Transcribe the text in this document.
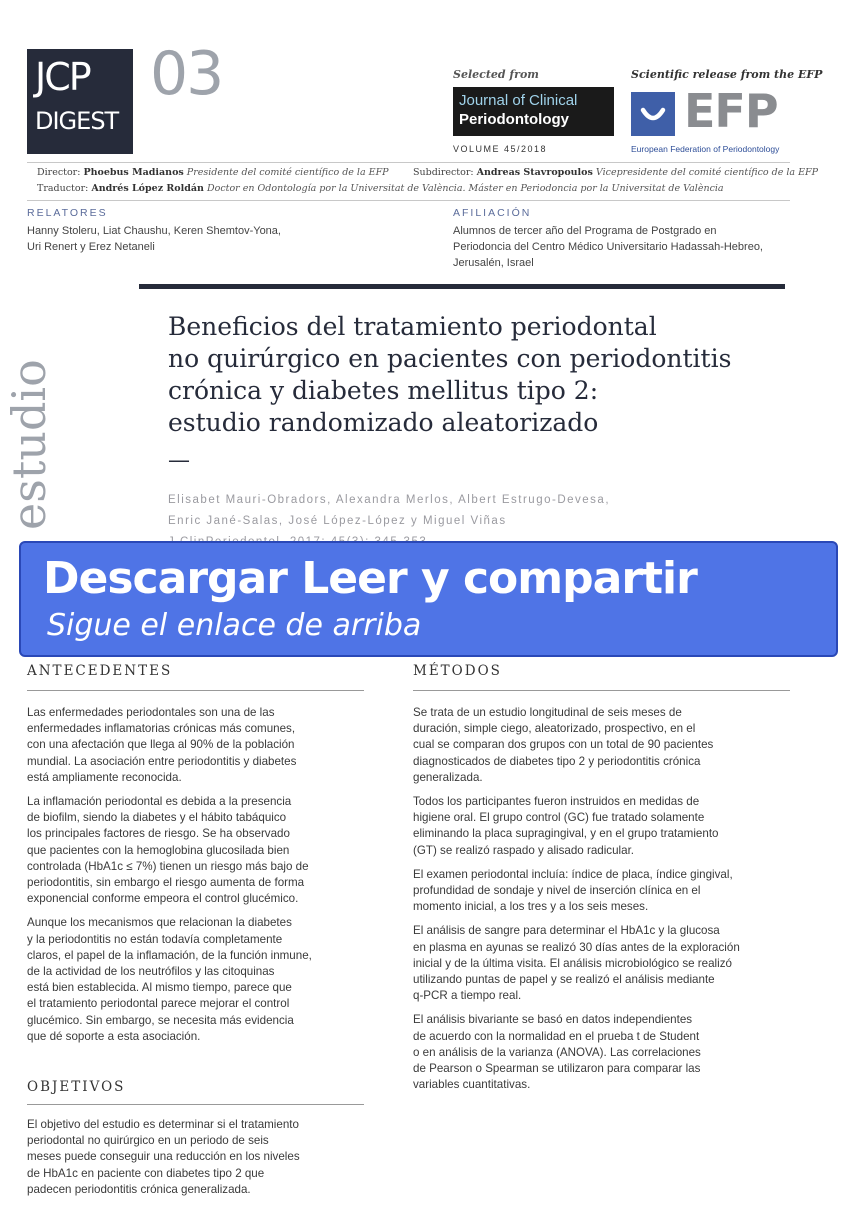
JCP
DIGEST
03	Selected from
Journal of Clinical
Periodontology
VOLUME 45/2018
Scientific release from the EFP
EFP
European Federation of Periodontology
Director: Phoebus Madianos Presidente del comité científico de la EFP	Subdirector: Andreas Stavropoulos Vicepresidente del comité científico de la EFP
Traductor: Andrés López Roldán Doctor en Odontología por la Universitat de València. Máster en Periodoncia por la Universitat de València
RELATORES
Hanny Stoleru, Liat Chaushu, Keren Shemtov-Yona,
Uri Renert y Erez Netaneli
AFILIACIÓN
Alumnos de tercer año del Programa de Postgrado en
Periodoncia del Centro Médico Universitario Hadassah-Hebreo,
Jerusalén, Israel
estudio
Beneficios del tratamiento periodontal
no quirúrgico en pacientes con periodontitis
crónica y diabetes mellitus tipo 2:
estudio randomizado aleatorizado
—
Elisabet Mauri-Obradors, Alexandra Merlos, Albert Estrugo-Devesa,
Enric Jané-Salas, José López-López y Miguel Viñas
Descargar Leer y compartir
Sigue el enlace de arriba
ANTECEDENTES
Las enfermedades periodontales son una de las
enfermedades inflamatorias crónicas más comunes,
con una afectación que llega al 90% de la población
mundial. La asociación entre periodontitis y diabetes
está ampliamente reconocida.
La inflamación periodontal es debida a la presencia
de biofilm, siendo la diabetes y el hábito tabáquico
los principales factores de riesgo. Se ha observado
que pacientes con la hemoglobina glucosilada bien
controlada (HbA1c ≤ 7%) tienen un riesgo más bajo de
periodontitis, sin embargo el riesgo aumenta de forma
exponencial conforme empeora el control glucémico.
Aunque los mecanismos que relacionan la diabetes
y la periodontitis no están todavía completamente
claros, el papel de la inflamación, de la función inmune,
de la actividad de los neutrófilos y las citoquinas
está bien establecida. Al mismo tiempo, parece que
el tratamiento periodontal parece mejorar el control
glucémico. Sin embargo, se necesita más evidencia
que dé soporte a esta asociación.
OBJETIVOS
El objetivo del estudio es determinar si el tratamiento
periodontal no quirúrgico en un periodo de seis
meses puede conseguir una reducción en los niveles
de HbA1c en paciente con diabetes tipo 2 que
padecen periodontitis crónica generalizada.
MÉTODOS
Se trata de un estudio longitudinal de seis meses de
duración, simple ciego, aleatorizado, prospectivo, en el
cual se comparan dos grupos con un total de 90 pacientes
diagnosticados de diabetes tipo 2 y periodontitis crónica
generalizada.
Todos los participantes fueron instruidos en medidas de
higiene oral. El grupo control (GC) fue tratado solamente
eliminando la placa supragingival, y en el grupo tratamiento
(GT) se realizó raspado y alisado radicular.
El examen periodontal incluía: índice de placa, índice gingival,
profundidad de sondaje y nivel de inserción clínica en el
momento inicial, a los tres y a los seis meses.
El análisis de sangre para determinar el HbA1c y la glucosa
en plasma en ayunas se realizó 30 días antes de la exploración
inicial y de la última visita. El análisis microbiológico se realizó
utilizando puntas de papel y se realizó el análisis mediante
q-PCR a tiempo real.
El análisis bivariante se basó en datos independientes
de acuerdo con la normalidad en el prueba t de Student
o en análisis de la varianza (ANOVA). Las correlaciones
de Pearson o Spearman se utilizaron para comparar las
variables cuantitativas.
